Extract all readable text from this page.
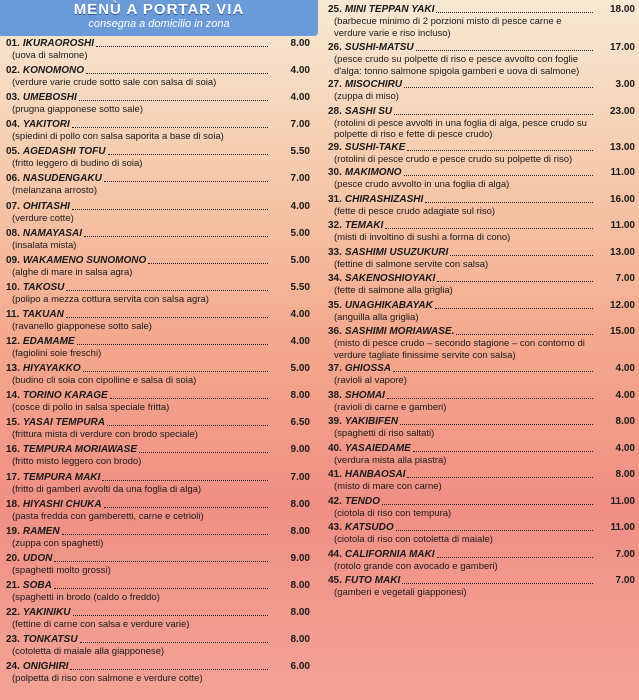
MENÙ A PORTAR VIA
consegna a domicilio in zona
01. IKURAOROSHI	8.00
(uova di salmone)
02. KONOMONO	4.00
(verdure varie crude sotto sale con salsa di soia)
03. UMEBOSHI	4.00
(prugna giapponese sotto sale)
04. YAKITORI	7.00
(spiedini di pollo con salsa saporita a base di soia)
05. AGEDASHI TOFU	5.50
(fritto leggero di budino di soia)
06. NASUDENGAKU	7.00
(melanzana arrosto)
07. OHITASHI	4.00
(verdure cotte)
08. NAMAYASAI	5.00
(insalata mista)
09. WAKAMENO SUNOMONO	5.00
(alghe di mare in salsa agra)
10. TAKOSU	5.50
(polipo a mezza cottura servita con salsa agra)
11. TAKUAN	4.00
(ravanello giapponese sotto sale)
12. EDAMAME	4.00
(fagiolini soie freschi)
13. HIYAYAKKO	5.00
(budino cli soia con cipolline e salsa di soia)
14. TORINO KARAGE	8.00
(cosce di pollo in salsa speciale fritta)
15. YASAI TEMPURA	6.50
(frittura mista di verdure con brodo speciale)
16. TEMPURA MORIAWASE	9.00
(fritto misto leggero con brodo)
17. TEMPURA MAKI	7.00
(fritto di gamberi avvolti da una foglia di alga)
18. HIYASHI CHUKA	8.00
(pasta fredda con gamberetti, carne e cetrioli)
19. RAMEN	8.00
(zuppa con spaghetti)
20. UDON	9.00
(spaghetti molto grossi)
21. SOBA	8.00
(spaghetti in brodo (caldo o freddo)
22. YAKINIKU	8.00
(fettine di carne con salsa e verdure varie)
23. TONKATSU	8.00
(cotoletta di maiale alla giapponese)
24. ONIGHIRI	6.00
(polpetta di riso con salmone e verdure cotte)
25. MINI TEPPAN YAKI	18.00
(barbecue minimo di 2 porzioni misto di pesce carne e verdure varie e riso incluso)
26. SUSHI-MATSU	17.00
(pesce crudo su polpette di riso e pesce avvolto con foglie d'alga: tonno salmone spigola gamberi e uova di salmone)
27. MISOCHIRU	3.00
(zuppa di miso)
28. SASHI SU	23.00
(rotolini di pesce avvolti in una foglia di alga, pesce crudo su polpette di riso e fette di pesce crudo)
29. SUSHI-TAKE	13.00
(rotolini di pesce crudo e pesce crudo su polpette di riso)
30. MAKIMONO	11.00
(pesce crudo avvolto in una foglia di alga)
31. CHIRASHIZASHI	16.00
(fette di pesce crudo adagiate sul riso)
32. TEMAKI	11.00
(misti di involtino di sushi a forma di cono)
33. SASHIMI USUZUKURI	13.00
(fettine di salmone servite con salsa)
34. SAKENOSHIOYAKI	7.00
(fette di salmone alla griglia)
35. UNAGHIKABAYAK	12.00
(anguilla alla griglia)
36. SASHIMI MORIAWASE.	15.00
(misto di pesce crudo – secondo stagione – con contorno di verdure tagliate finissime servite con salsa)
37. GHIOSSA	4.00
(ravioli al vapore)
38. SHOMAI	4.00
(ravioli di carne e gamberi)
39. YAKIBIFEN	8.00
(spaghetti di riso saltati)
40. YASAIEDAME	4.00
(verdura mista alla piastra)
41. HANBAOSAI	8.00
(misto di mare con carne)
42. TENDO	11.00
(ciotola di riso con tempura)
43. KATSUDO	11.00
(ciotola di riso con cotoletta di maiale)
44. CALIFORNIA MAKI	7.00
(rotolo grande con avocado e gamberi)
45. FUTO MAKI	7.00
(gamberi e vegetali giapponesi)
